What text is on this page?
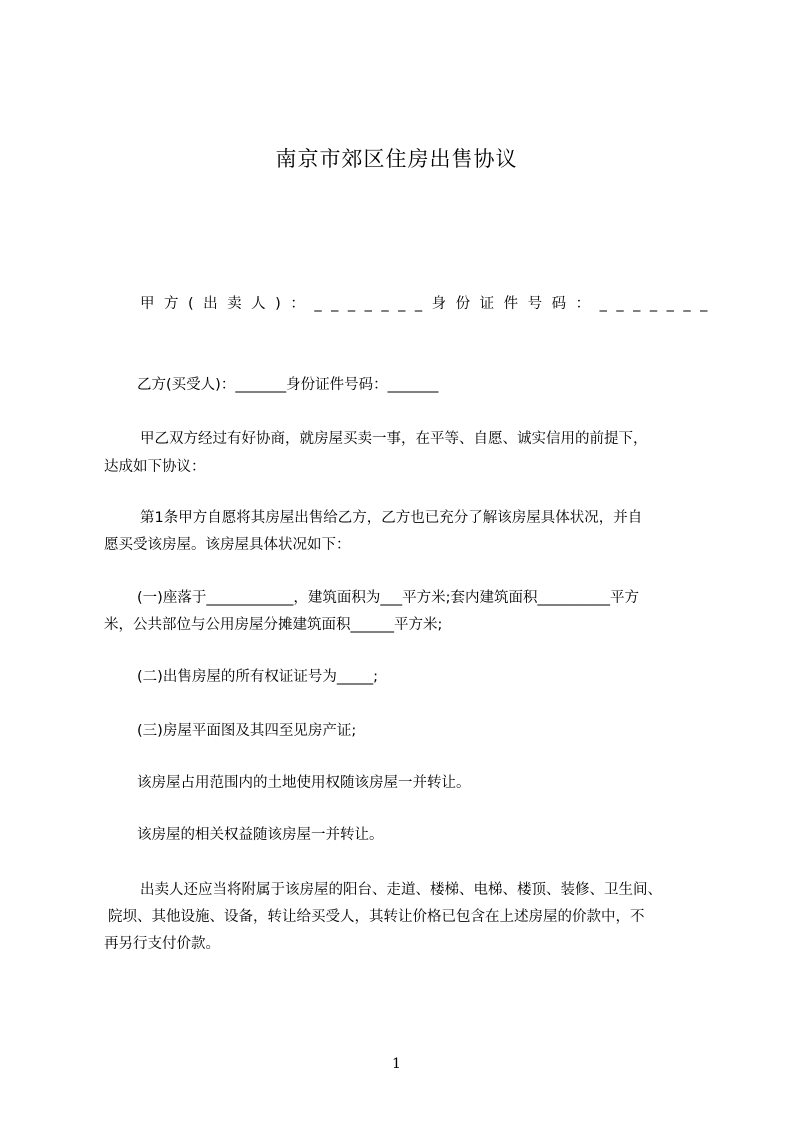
南京市郊区住房出售协议
甲方(出卖人)：_______身份证件号码：_______
乙方(买受人)：_______身份证件号码：_______
甲乙双方经过有好协商，就房屋买卖一事，在平等、自愿、诚实信用的前提下，
达成如下协议：
第1条甲方自愿将其房屋出售给乙方，乙方也已充分了解该房屋具体状况，并自
愿买受该房屋。该房屋具体状况如下：
(一)座落于____________，建筑面积为___平方米;套内建筑面积__________平方
米，公共部位与公用房屋分摊建筑面积______平方米;
(二)出售房屋的所有权证证号为_____;
(三)房屋平面图及其四至见房产证;
该房屋占用范围内的土地使用权随该房屋一并转让。
该房屋的相关权益随该房屋一并转让。
出卖人还应当将附属于该房屋的阳台、走道、楼梯、电梯、楼顶、装修、卫生间、
院坝、其他设施、设备，转让给买受人，其转让价格已包含在上述房屋的价款中，不
再另行支付价款。
1
